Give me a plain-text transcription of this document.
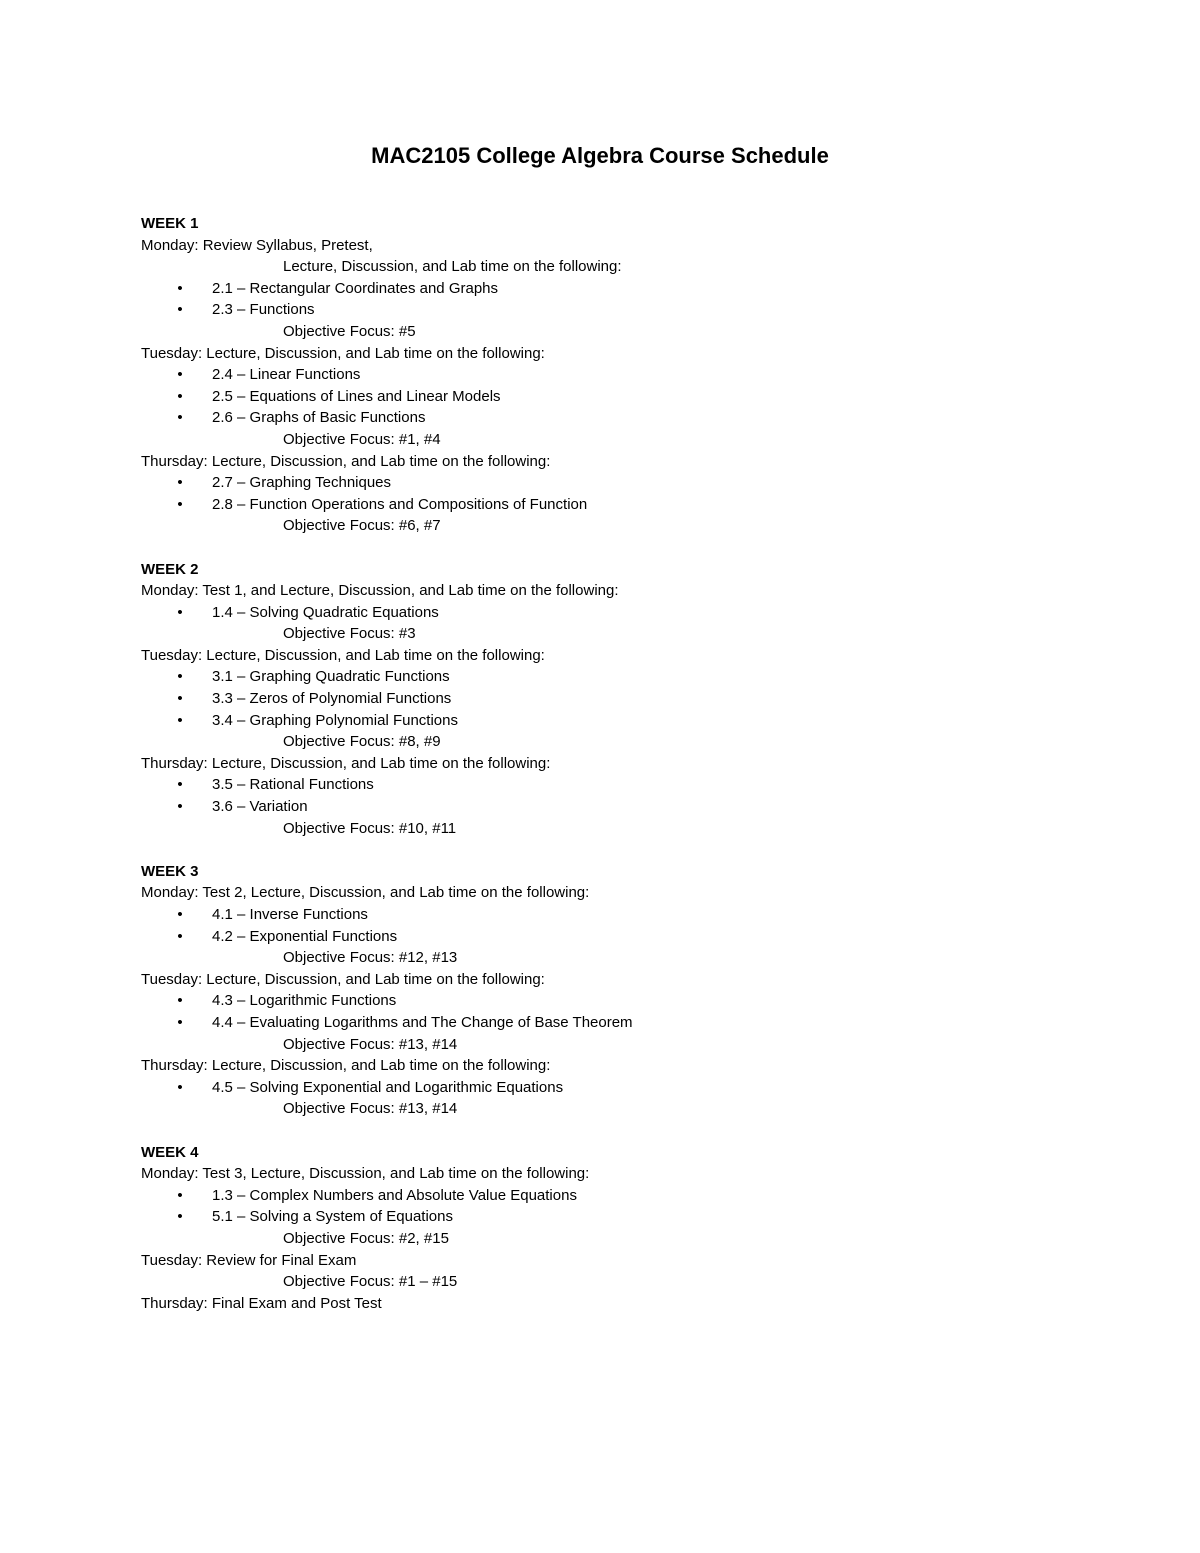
MAC2105 College Algebra Course Schedule
WEEK 1
Monday: Review Syllabus, Pretest,
Lecture, Discussion, and Lab time on the following:
• 2.1 – Rectangular Coordinates and Graphs
• 2.3 – Functions
Objective Focus: #5
Tuesday: Lecture, Discussion, and Lab time on the following:
• 2.4 – Linear Functions
• 2.5 – Equations of Lines and Linear Models
• 2.6 – Graphs of Basic Functions
Objective Focus: #1, #4
Thursday: Lecture, Discussion, and Lab time on the following:
• 2.7 – Graphing Techniques
• 2.8 – Function Operations and Compositions of Function
Objective Focus: #6, #7
WEEK 2
Monday: Test 1, and Lecture, Discussion, and Lab time on the following:
• 1.4 – Solving Quadratic Equations
Objective Focus: #3
Tuesday: Lecture, Discussion, and Lab time on the following:
• 3.1 – Graphing Quadratic Functions
• 3.3 – Zeros of Polynomial Functions
• 3.4 – Graphing Polynomial Functions
Objective Focus: #8, #9
Thursday: Lecture, Discussion, and Lab time on the following:
• 3.5 – Rational Functions
• 3.6 – Variation
Objective Focus: #10, #11
WEEK 3
Monday: Test 2, Lecture, Discussion, and Lab time on the following:
• 4.1 – Inverse Functions
• 4.2 – Exponential Functions
Objective Focus: #12, #13
Tuesday: Lecture, Discussion, and Lab time on the following:
• 4.3 – Logarithmic Functions
• 4.4 – Evaluating Logarithms and The Change of Base Theorem
Objective Focus: #13, #14
Thursday: Lecture, Discussion, and Lab time on the following:
• 4.5 – Solving Exponential and Logarithmic Equations
Objective Focus: #13, #14
WEEK 4
Monday: Test 3, Lecture, Discussion, and Lab time on the following:
• 1.3 – Complex Numbers and Absolute Value Equations
• 5.1 – Solving a System of Equations
Objective Focus: #2, #15
Tuesday: Review for Final Exam
Objective Focus: #1 – #15
Thursday: Final Exam and Post Test
